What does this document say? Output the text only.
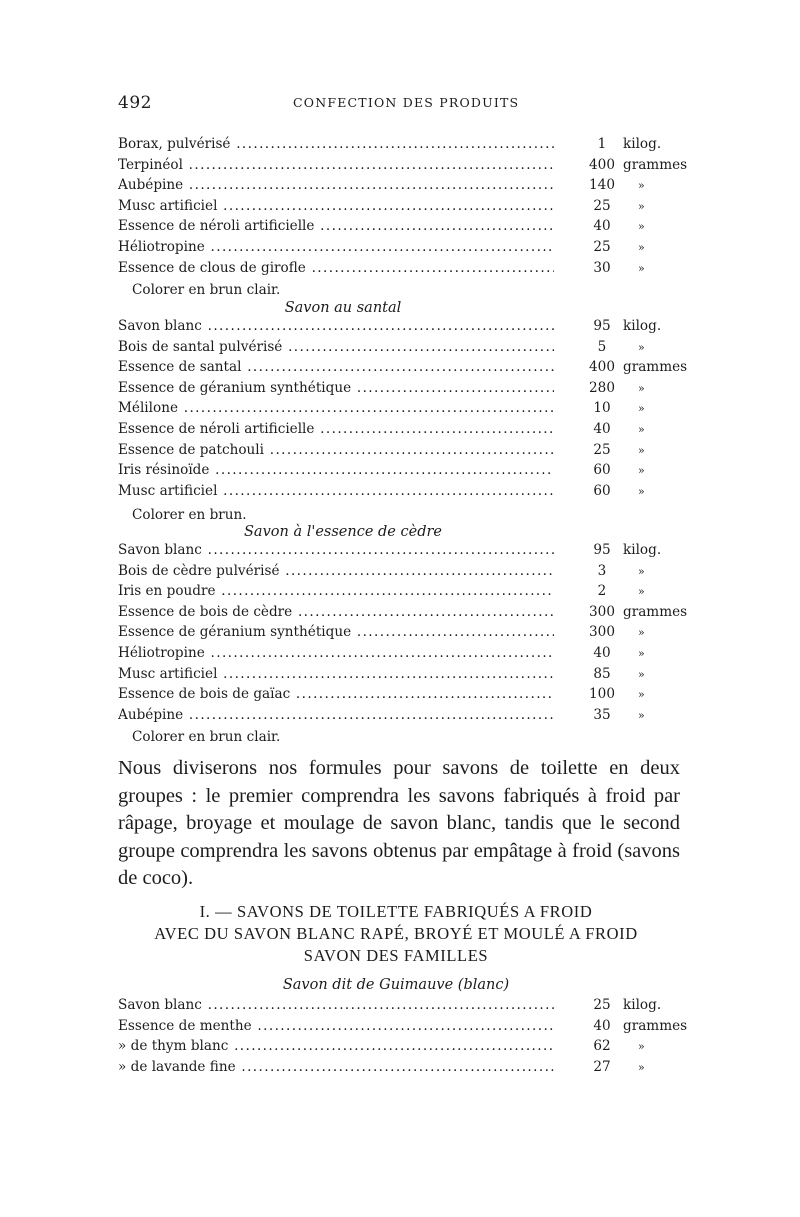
492	CONFECTION DES PRODUITS
Borax, pulvérisé .....	1	kilog.
Terpinéol .....	400 grammes
Aubépine .....	140	»
Musc artificiel .....	25	»
Essence de néroli artificielle .....	40	»
Héliotropine .....	25	»
Essence de clous de girofle .....	30	»
Savon blanc .....	95 kilog.
Bois de santal pulvérisé .....	5	»
Essence de santal .....	400 grammes
Essence de géranium synthétique .....	280	»
Mélilone .....	10	»
Essence de néroli artificielle .....	40	»
Essence de patchouli .....	25	»
Iris résinoïde .....	60	»
Musc artificiel .....	60	»
Savon blanc .....	95 kilog.
Bois de cèdre pulvérisé .....	3	»
Iris en poudre .....	2	»
Essence de bois de cèdre .....	300 grammes
Essence de géranium synthétique .....	300	»
Héliotropine .....	40	»
Musc artificiel .....	85	»
Essence de bois de gaïac .....	100	»
Aubépine .....	35	»
Savon blanc .....	25 kilog.
Essence de menthe .....	40 grammes
» de thym blanc .....	62	»
» de lavande fine .....	27	»
Colorer en brun clair.
Savon au santal
Colorer en brun.
Savon à l'essence de cèdre
Colorer en brun clair.

Nous diviserons nos formules pour savons de toilette en deux groupes : le premier comprendra les savons fabriqués à froid par râpage, broyage et moulage de savon blanc, tandis que le second groupe comprendra les savons obtenus par empâtage à froid (savons de coco).

I. — SAVONS DE TOILETTE FABRIQUÉS A FROID
AVEC DU SAVON BLANC RAPÉ, BROYÉ ET MOULÉ A FROID
SAVON DES FAMILLES
Savon dit de Guimauve (blanc)
